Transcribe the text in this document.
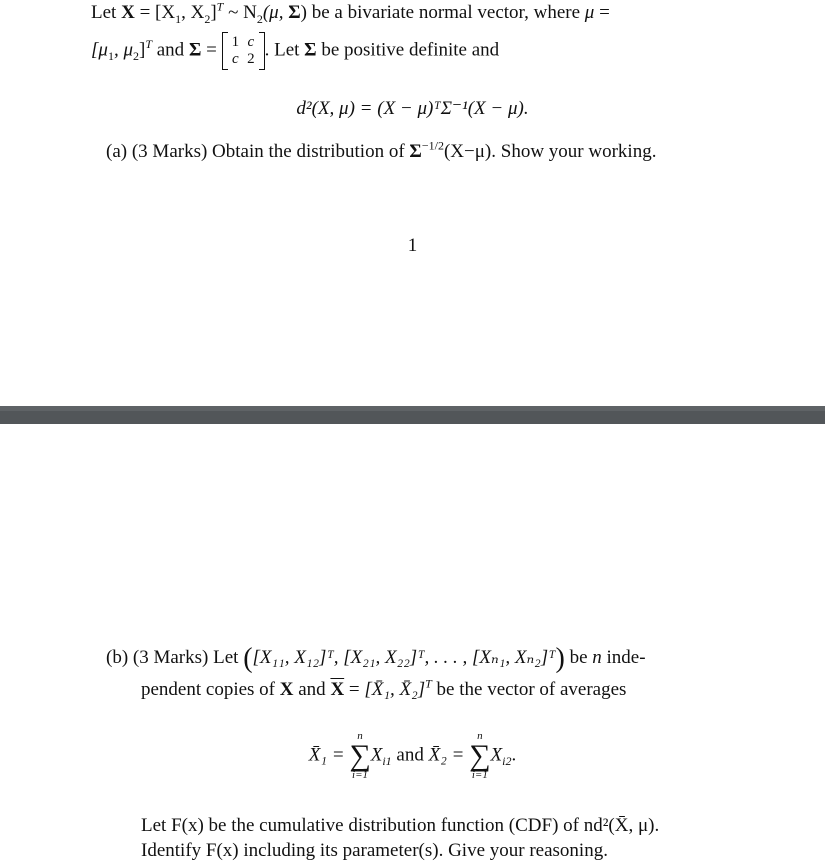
Let $X = [X_1$, $X_2]^T$ ~ $N_2(\mu$, Σ) be a bivariate normal vector, where μ =
[$\mu_1$, $\mu_2]^T$ and Σ = 1	c
c	2 . Let Σ be positive definite and
d²(X, μ) = (X − μ)ᵀΣ⁻¹(X − μ).
(a) (3 Marks) Obtain the distribution of $\Sigma^{-1/2}(X-\mu)$. Show your working.
1
(b) (3 Marks) Let ([X₁₁, X₁₂]ᵀ, [X₂₁, X₂₂]ᵀ, . . . , [Xₙ₁, Xₙ₂]ᵀ) be n inde-
pendent copies of X and $\overline{X}$ = [X̄₁, X̄₂]$^T$ be the vector of averages
X̄₁ =
n
∑
i=1
$X_{i1}$ and X̄₂ =
n
∑
i=1
$X_{i2}$.
Let F(x) be the cumulative distribution function (CDF) of nd²(X̄, μ).
Identify F(x) including its parameter(s). Give your reasoning.
